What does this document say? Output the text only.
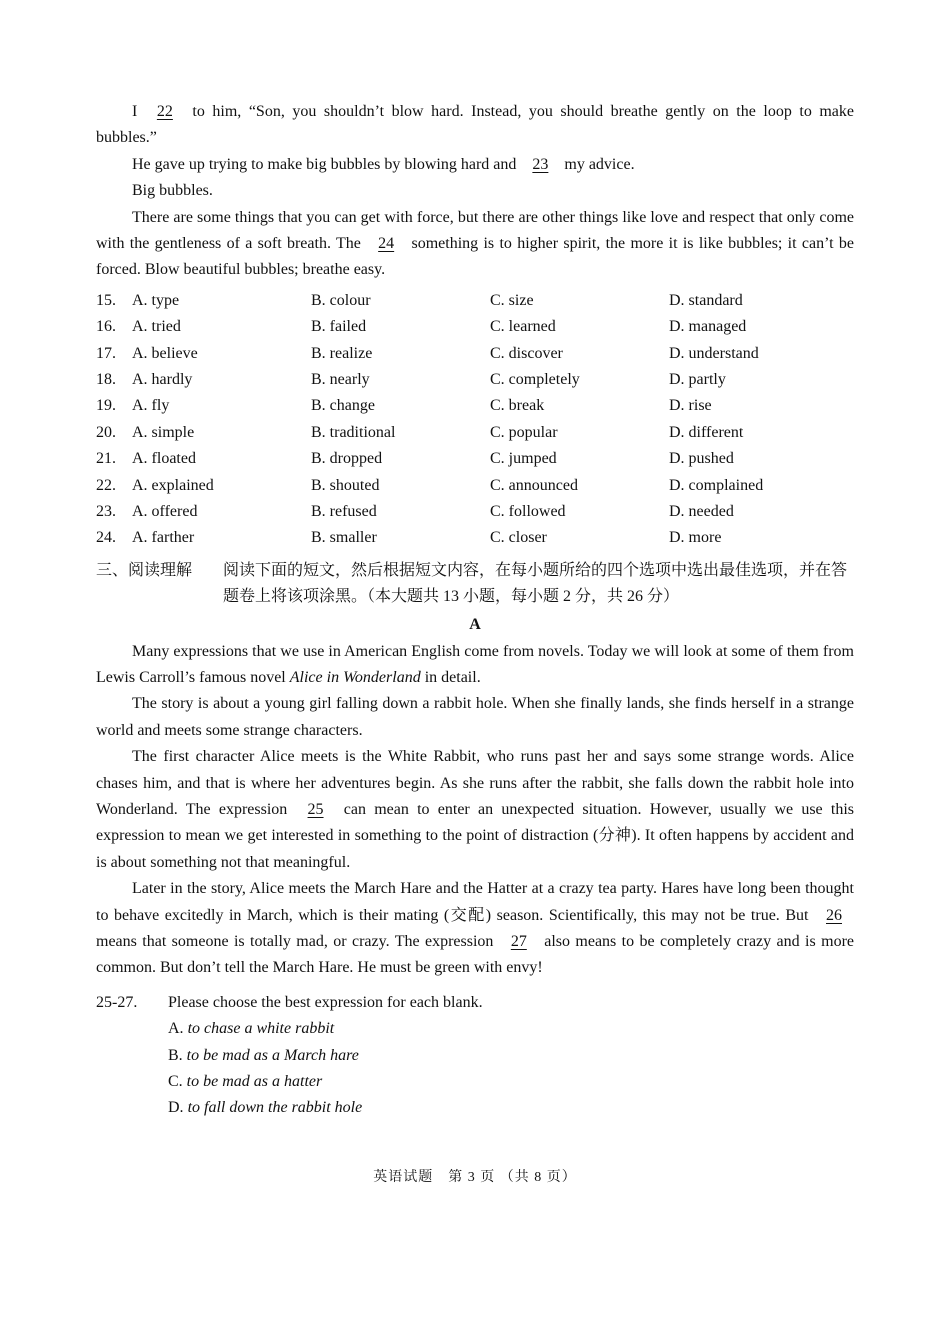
I 22 to him, “Son, you shouldn’t blow hard. Instead, you should breathe gently on the loop to make bubbles.”

He gave up trying to make big bubbles by blowing hard and 23 my advice.

Big bubbles.

There are some things that you can get with force, but there are other things like love and respect that only come with the gentleness of a soft breath. The 24 something is to higher spirit, the more it is like bubbles; it can’t be forced. Blow beautiful bubbles; breathe easy.

15.	A. type	B. colour	C. size	D. standard
16.	A. tried	B. failed	C. learned	D. managed
17.	A. believe	B. realize	C. discover	D. understand
18.	A. hardly	B. nearly	C. completely	D. partly
19.	A. fly	B. change	C. break	D. rise
20.	A. simple	B. traditional	C. popular	D. different
21.	A. floated	B. dropped	C. jumped	D. pushed
22.	A. explained	B. shouted	C. announced	D. complained
23.	A. offered	B. refused	C. followed	D. needed
24.	A. farther	B. smaller	C. closer	D. more
三、阅读理解	阅读下面的短文，然后根据短文内容，在每小题所给的四个选项中选出最佳选项，并在答题卷上将该项涂黑。（本大题共 13 小题，每小题 2 分，共 26 分）
A

Many expressions that we use in American English come from novels. Today we will look at some of them from Lewis Carroll’s famous novel Alice in Wonderland in detail.

The story is about a young girl falling down a rabbit hole. When she finally lands, she finds herself in a strange world and meets some strange characters.

The first character Alice meets is the White Rabbit, who runs past her and says some strange words. Alice chases him, and that is where her adventures begin. As she runs after the rabbit, she falls down the rabbit hole into Wonderland. The expression 25 can mean to enter an unexpected situation. However, usually we use this expression to mean we get interested in something to the point of distraction (分神). It often happens by accident and is about something not that meaningful.

Later in the story, Alice meets the March Hare and the Hatter at a crazy tea party. Hares have long been thought to behave excitedly in March, which is their mating (交配) season. Scientifically, this may not be true. But 26 means that someone is totally mad, or crazy. The expression 27 also means to be completely crazy and is more common. But don’t tell the March Hare. He must be green with envy!

25-27.	Please choose the best expression for each blank.
A. to chase a white rabbit
B. to be mad as a March hare
C. to be mad as a hatter
D. to fall down the rabbit hole
英语试题　第 3 页 （共 8 页）
